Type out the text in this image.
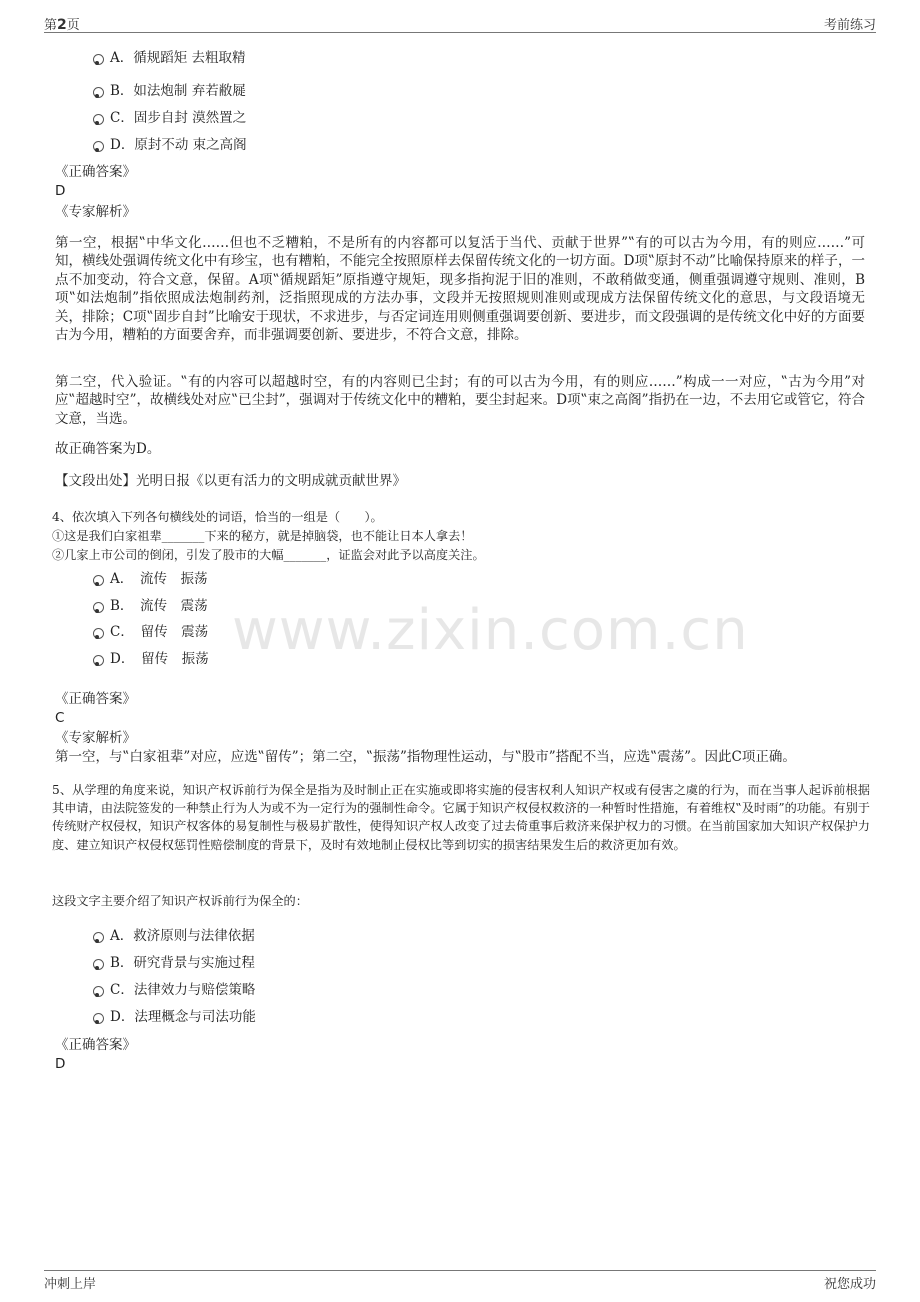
第2页	考前练习
A．循规蹈矩 去粗取精
B．如法炮制 弃若敝屣
C．固步自封 漠然置之
D．原封不动 束之高阁
《正确答案》
D
《专家解析》
第一空，根据‟中华文化……但也不乏糟粕，不是所有的内容都可以复活于当代、贡献于世界”‟有的可以古为今用，有的则应……”可知，横线处强调传统文化中有珍宝，也有糟粕，不能完全按照原样去保留传统文化的一切方面。D项‟原封不动”比喻保持原来的样子，一点不加变动，符合文意，保留。A项‟循规蹈矩”原指遵守规矩，现多指拘泥于旧的准则，不敢稍做变通，侧重强调遵守规则、准则，B项‟如法炮制”指依照成法炮制药剂，泛指照现成的方法办事，文段并无按照规则准则或现成方法保留传统文化的意思，与文段语境无关，排除；C项‟固步自封”比喻安于现状，不求进步，与否定词连用则侧重强调要创新、要进步，而文段强调的是传统文化中好的方面要古为今用，糟粕的方面要舍弃，而非强调要创新、要进步，不符合文意，排除。
第二空，代入验证。‟有的内容可以超越时空，有的内容则已尘封；有的可以古为今用，有的则应……”构成一一对应，‟古为今用”对应‟超越时空”，故横线处对应‟已尘封”，强调对于传统文化中的糟粕，要尘封起来。D项‟束之高阁”指扔在一边，不去用它或管它，符合文意，当选。
故正确答案为D。
【文段出处】光明日报《以更有活力的文明成就贡献世界》
4、依次填入下列各句横线处的词语，恰当的一组是（　　）。
①这是我们白家祖辈_______下来的秘方，就是掉脑袋，也不能让日本人拿去！
②几家上市公司的倒闭，引发了股市的大幅_______，证监会对此予以高度关注。
A．　流传　振荡
B．　流传　震荡
C．　留传　震荡
D．　留传　振荡
《正确答案》
C
《专家解析》
第一空，与‟白家祖辈”对应，应选‟留传”；第二空，‟振荡”指物理性运动，与‟股市”搭配不当，应选‟震荡”。因此C项正确。
5、从学理的角度来说，知识产权诉前行为保全是指为及时制止正在实施或即将实施的侵害权利人知识产权或有侵害之虞的行为，而在当事人起诉前根据其申请，由法院签发的一种禁止行为人为或不为一定行为的强制性命令。它属于知识产权侵权救济的一种暂时性措施，有着维权‟及时雨”的功能。有别于传统财产权侵权，知识产权客体的易复制性与极易扩散性，使得知识产权人改变了过去倚重事后救济来保护权力的习惯。在当前国家加大知识产权保护力度、建立知识产权侵权惩罚性赔偿制度的背景下，及时有效地制止侵权比等到切实的损害结果发生后的救济更加有效。
这段文字主要介绍了知识产权诉前行为保全的：
A．救济原则与法律依据
B．研究背景与实施过程
C．法律效力与赔偿策略
D．法理概念与司法功能
《正确答案》
D
www.zixin.com.cn
冲刺上岸	祝您成功
